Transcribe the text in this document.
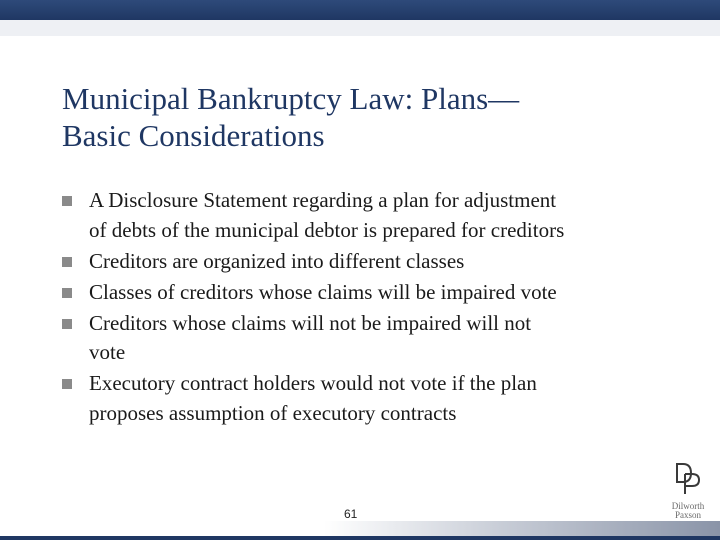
Municipal Bankruptcy Law: Plans—
Basic Considerations
A Disclosure Statement regarding a plan for adjustment
of debts of the municipal debtor is prepared for creditors
Creditors are organized into different classes
Classes of creditors whose claims will be impaired vote
Creditors whose claims will not be impaired will not
vote
Executory contract holders would not vote if the plan
proposes assumption of executory contracts
61
Dilworth
Paxson
